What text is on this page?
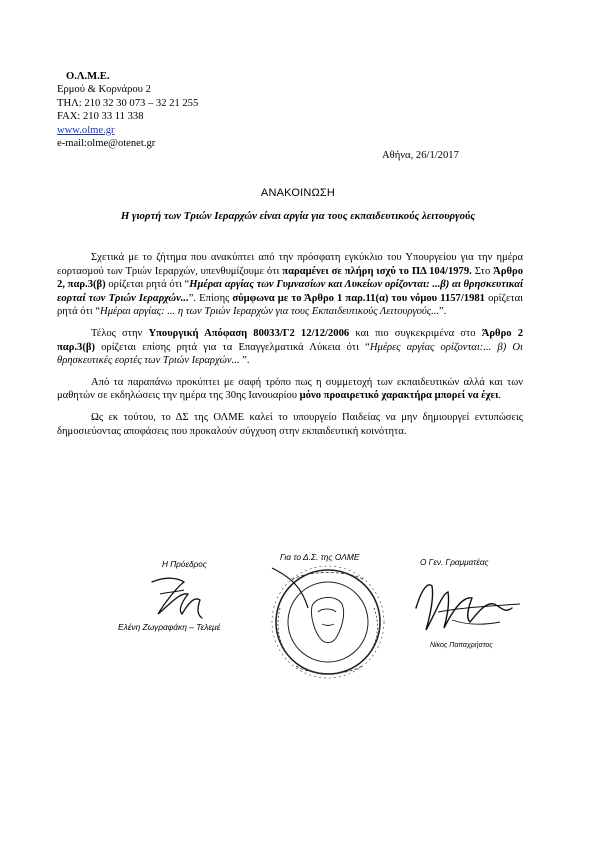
Ο.Λ.Μ.Ε.
Ερμού & Κορνάρου 2
ΤΗΛ: 210 32 30 073 – 32 21 255
FAX: 210 33 11 338
www.olme.gr
e-mail:olme@otenet.gr
Αθήνα, 26/1/2017
ΑΝΑΚΟΙΝΩΣΗ
Η γιορτή των Τριών Ιεραρχών είναι αργία για τους εκπαιδευτικούς λειτουργούς

Σχετικά με το ζήτημα που ανακύπτει από την πρόσφατη εγκύκλιο του Υπουργείου για την ημέρα εορτασμού των Τριών Ιεραρχών, υπενθυμίζουμε ότι παραμένει σε πλήρη ισχύ το ΠΔ 104/1979. Στο Άρθρο 2, παρ.3(β) ορίζεται ρητά ότι “Ημέραι αργίας των Γυμνασίων και Λυκείων ορίζονται: ...β) αι θρησκευτικαί εορταί των Τριών Ιεραρχών...”. Επίσης σύμφωνα με το Άρθρο 1 παρ.11(α) του νόμου 1157/1981 ορίζεται ρητά ότι “Ημέραι αργίας: ... η των Τριών Ιεραρχών για τους Εκπαιδευτικούς Λειτουργούς...”.

Τέλος στην Υπουργική Απόφαση 80033/Γ2 12/12/2006 και πιο συγκεκριμένα στο Άρθρο 2 παρ.3(β) ορίζεται επίσης ρητά για τα Επαγγελματικά Λύκεια ότι “Ημέρες αργίας ορίζονται:... β) Οι θρησκευτικές εορτές των Τριών Ιεραρχών... ”.

Από τα παραπάνω προκύπτει με σαφή τρόπο πως η συμμετοχή των εκπαιδευτικών αλλά και των μαθητών σε εκδηλώσεις την ημέρα της 30ης Ιανουαρίου μόνο προαιρετικό χαρακτήρα μπορεί να έχει.

Ως εκ τούτου, το ΔΣ της ΟΛΜΕ καλεί το υπουργείο Παιδείας να μην δημιουργεί εντυπώσεις δημοσιεύοντας αποφάσεις που προκαλούν σύγχυση στην εκπαιδευτική κοινότητα.

Η Πρόεδρος
Ελένη Ζωγραφάκη – Τελεμέ
Για το Δ.Σ. της ΟΛΜΕ
Ο Γεν. Γραμματέας
Νίκος Παπαχρήστος
